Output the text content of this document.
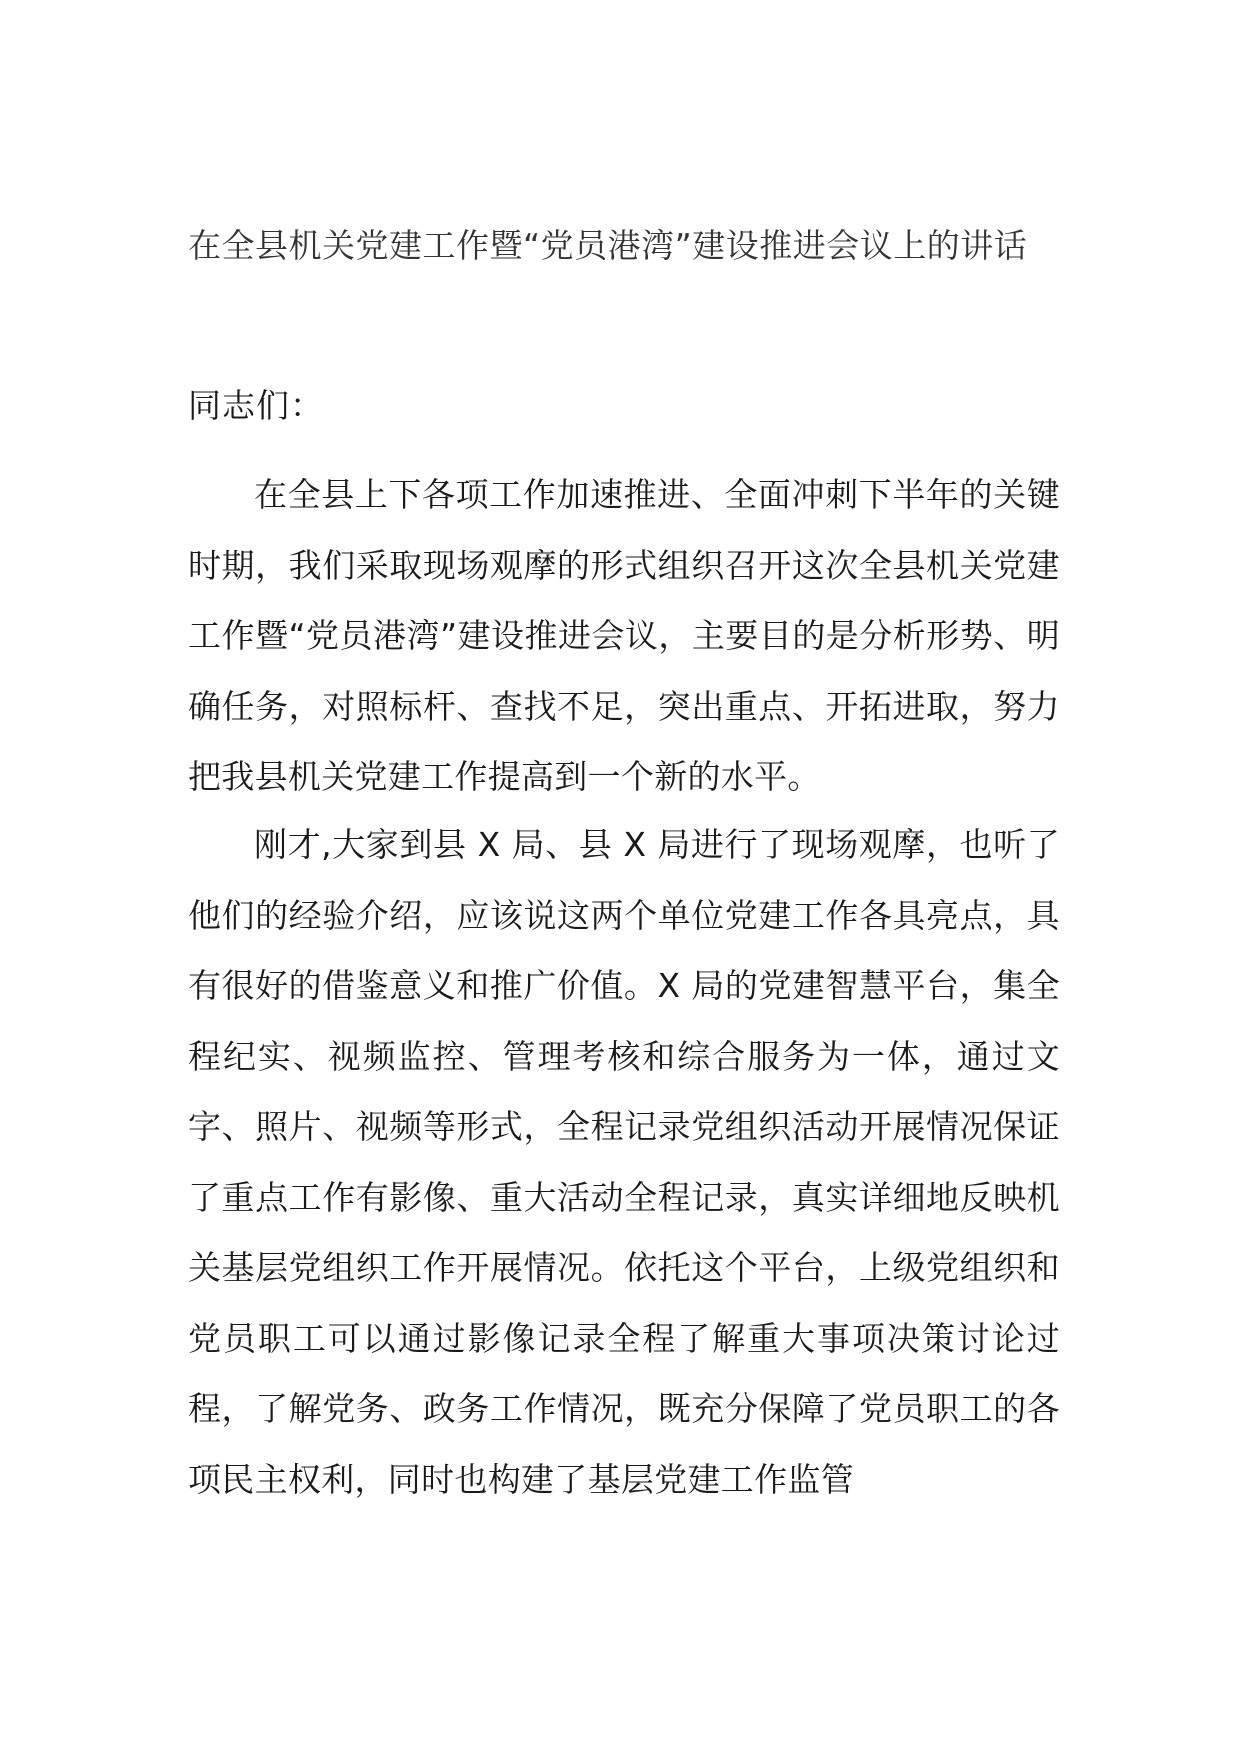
在全县机关党建工作暨“党员港湾”建设推进会议上的讲话

同志们：

在全县上下各项工作加速推进、全面冲刺下半年的关键时期，我们采取现场观摩的形式组织召开这次全县机关党建工作暨“党员港湾”建设推进会议，主要目的是分析形势、明确任务，对照标杆、查找不足，突出重点、开拓进取，努力把我县机关党建工作提高到一个新的水平。

刚才,大家到县 X 局、县 X 局进行了现场观摩，也听了他们的经验介绍，应该说这两个单位党建工作各具亮点，具有很好的借鉴意义和推广价值。X 局的党建智慧平台，集全程纪实、视频监控、管理考核和综合服务为一体，通过文字、照片、视频等形式，全程记录党组织活动开展情况保证了重点工作有影像、重大活动全程记录，真实详细地反映机关基层党组织工作开展情况。依托这个平台，上级党组织和党员职工可以通过影像记录全程了解重大事项决策讨论过程，了解党务、政务工作情况，既充分保障了党员职工的各项民主权利，同时也构建了基层党建工作监管
